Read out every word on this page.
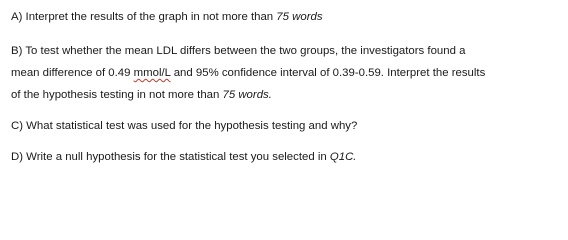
A) Interpret the results of the graph in not more than 75 words
B) To test whether the mean LDL differs between the two groups, the investigators found a
mean difference of 0.49 mmol/L and 95% confidence interval of 0.39-0.59. Interpret the results
of the hypothesis testing in not more than 75 words.
C) What statistical test was used for the hypothesis testing and why?
D) Write a null hypothesis for the statistical test you selected in Q1C.
